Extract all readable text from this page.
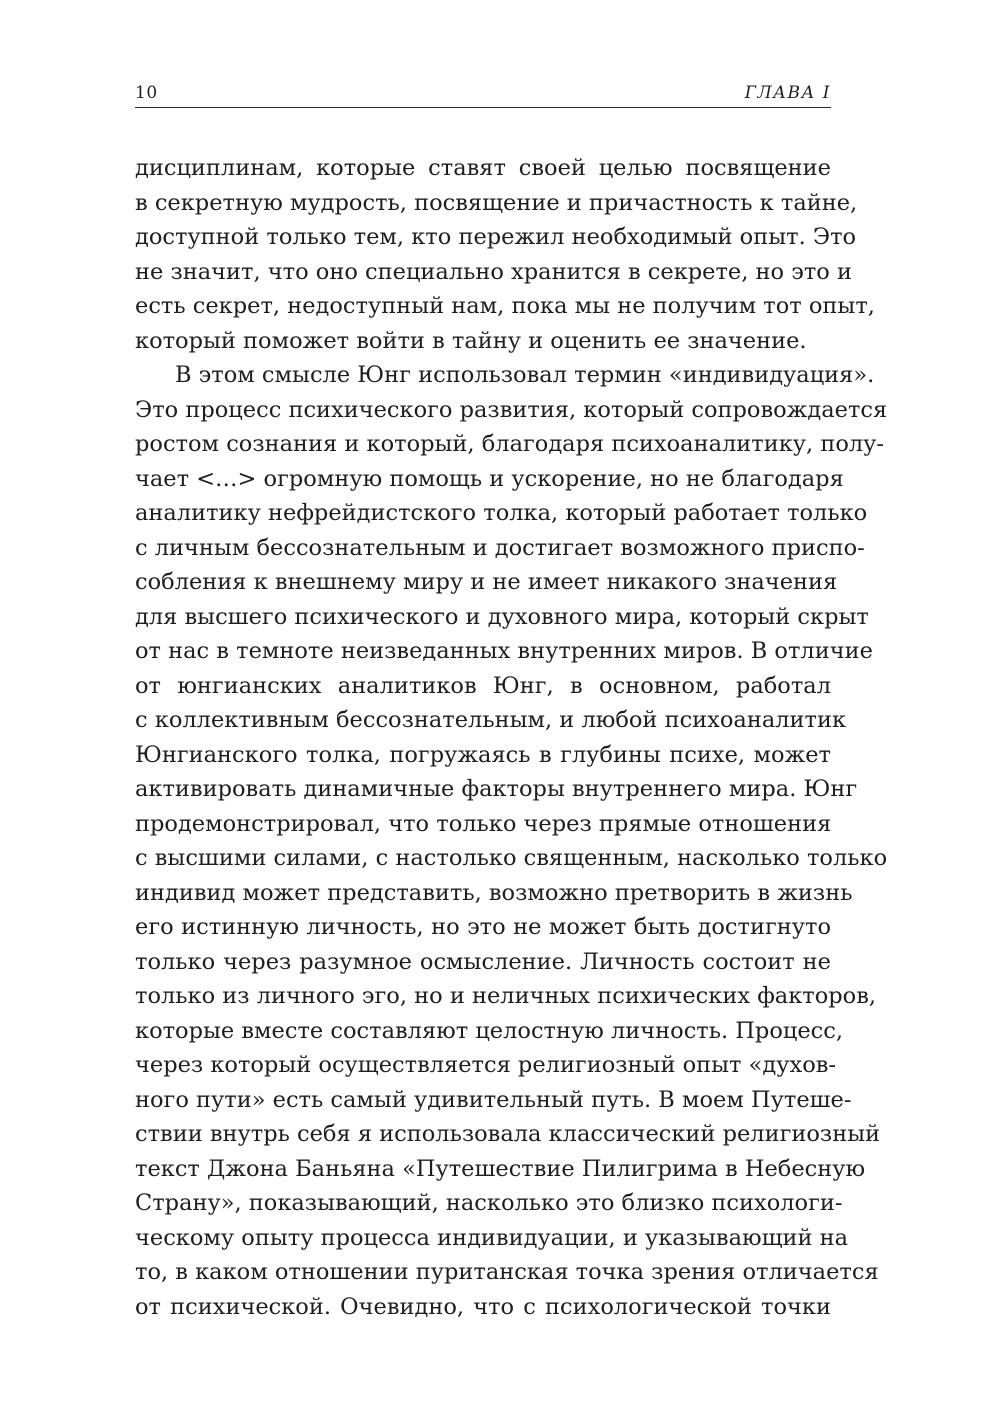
10	ГЛАВА I
дисциплинам, которые ставят своей целью посвящение
в секретную мудрость, посвящение и причастность к тайне,
доступной только тем, кто пережил необходимый опыт. Это
не значит, что оно специально хранится в секрете, но это и
есть секрет, недоступный нам, пока мы не получим тот опыт,
который поможет войти в тайну и оценить ее значение.
В этом смысле Юнг использовал термин «индивидуация».
Это процесс психического развития, который сопровождается
ростом сознания и который, благодаря психоаналитику, полу-
чает <…> огромную помощь и ускорение, но не благодаря
аналитику нефрейдистского толка, который работает только
с личным бессознательным и достигает возможного приспо-
собления к внешнему миру и не имеет никакого значения
для высшего психического и духовного мира, который скрыт
от нас в темноте неизведанных внутренних миров. В отличие
от юнгианских аналитиков Юнг, в основном, работал
с коллективным бессознательным, и любой психоаналитик
Юнгианского толка, погружаясь в глубины психе, может
активировать динамичные факторы внутреннего мира. Юнг
продемонстрировал, что только через прямые отношения
с высшими силами, с настолько священным, насколько только
индивид может представить, возможно претворить в жизнь
его истинную личность, но это не может быть достигнуто
только через разумное осмысление. Личность состоит не
только из личного эго, но и неличных психических факторов,
которые вместе составляют целостную личность. Процесс,
через который осуществляется религиозный опыт «духов-
ного пути» есть самый удивительный путь. В моем Путеше-
ствии внутрь себя я использовала классический религиозный
текст Джона Баньяна «Путешествие Пилигрима в Небесную
Страну», показывающий, насколько это близко психологи-
ческому опыту процесса индивидуации, и указывающий на
то, в каком отношении пуританская точка зрения отличается
от психической. Очевидно, что с психологической точки
